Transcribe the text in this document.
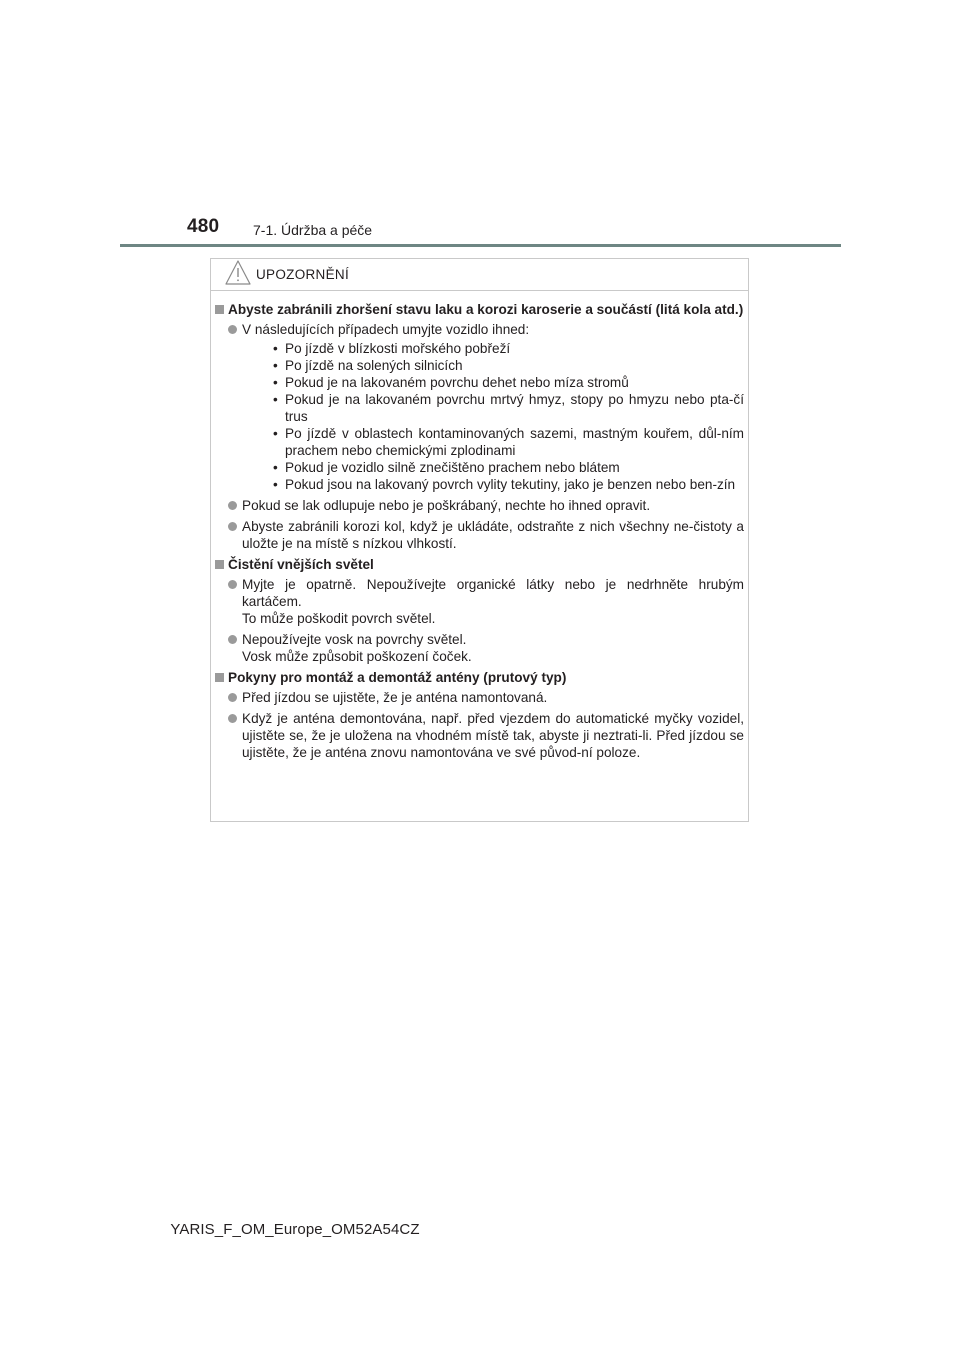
480 7-1. Údržba a péče
UPOZORNĚNÍ
Abyste zabránili zhoršení stavu laku a korozi karoserie a součástí (litá kola atd.)
V následujících případech umyjte vozidlo ihned:
• Po jízdě v blízkosti mořského pobřeží
• Po jízdě na solených silnicích
• Pokud je na lakovaném povrchu dehet nebo míza stromů
• Pokud je na lakovaném povrchu mrtvý hmyz, stopy po hmyzu nebo pta-čí trus
• Po jízdě v oblastech kontaminovaných sazemi, mastným kouřem, důl-ním prachem nebo chemickými zplodinami
• Pokud je vozidlo silně znečištěno prachem nebo blátem
• Pokud jsou na lakovaný povrch vylity tekutiny, jako je benzen nebo ben-zín
Pokud se lak odlupuje nebo je poškrábaný, nechte ho ihned opravit.
Abyste zabránili korozi kol, když je ukládáte, odstraňte z nich všechny ne-čistoty a uložte je na místě s nízkou vlhkostí.
Čistění vnějších světel
Myjte je opatrně. Nepoužívejte organické látky nebo je nedrhněte hrubým kartáčem.
To může poškodit povrch světel.
Nepoužívejte vosk na povrchy světel.
Vosk může způsobit poškození čoček.
Pokyny pro montáž a demontáž antény (prutový typ)
Před jízdou se ujistěte, že je anténa namontovaná.
Když je anténa demontována, např. před vjezdem do automatické myčky vozidel, ujistěte se, že je uložena na vhodném místě tak, abyste ji neztrati-li. Před jízdou se ujistěte, že je anténa znovu namontována ve své původ-ní poloze.
YARIS_F_OM_Europe_OM52A54CZ
